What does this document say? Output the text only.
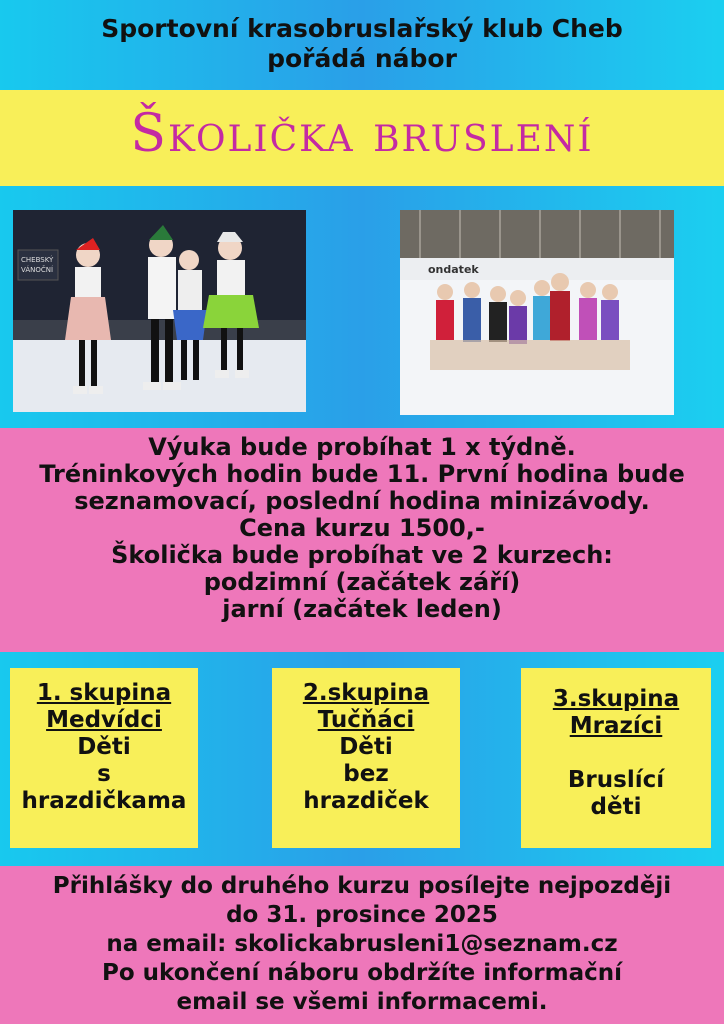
Sportovní krasobruslařský klub Cheb
pořádá nábor
Školička bruslení
CHEBSKÝ
VÁNOČNÍ	ondatek
Výuka bude probíhat 1 x týdně.
Tréninkových hodin bude 11. První hodina bude
seznamovací, poslední hodina minizávody.
Cena kurzu 1500,-
Školička bude probíhat ve 2 kurzech:
podzimní (začátek září)
jarní (začátek leden)
1. skupina
Medvídci
Děti
s
hrazdičkama
2.skupina
Tučňáci
Děti
bez
hrazdiček
3.skupina
Mrazíci
Bruslící
děti
Přihlášky do druhého kurzu posílejte nejpozději
do 31. prosince 2025
na email: skolickabrusleni1@seznam.cz
Po ukončení náboru obdržíte informační
email se všemi informacemi.
